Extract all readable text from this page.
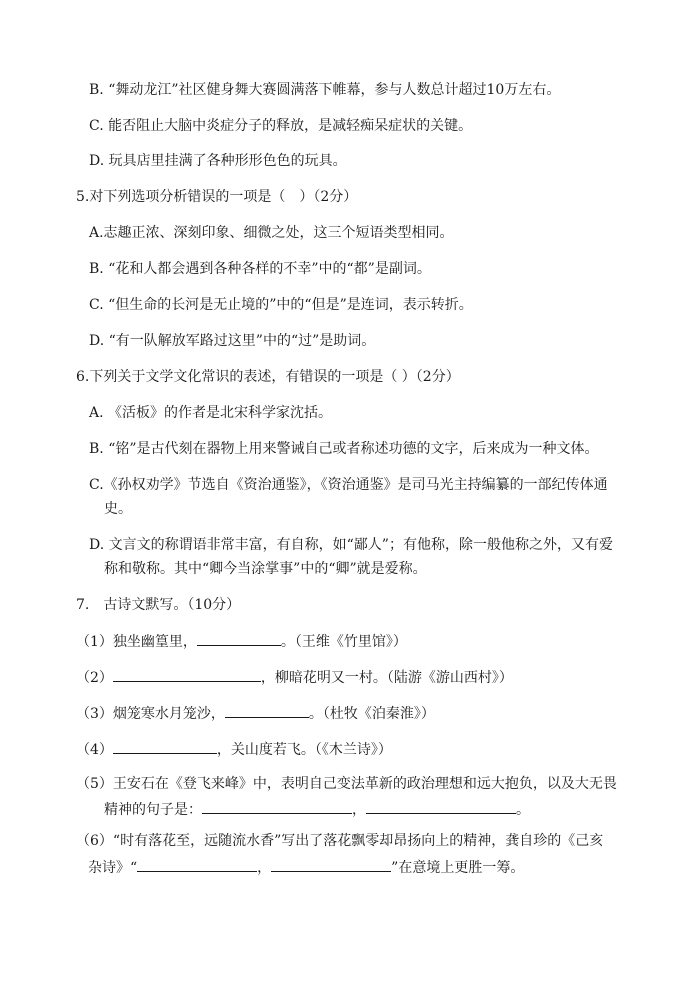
B. “舞动龙江”社区健身舞大赛圆满落下帷幕，参与人数总计超过10万左右。
C. 能否阻止大脑中炎症分子的释放，是减轻痴呆症状的关键。
D. 玩具店里挂满了各种形形色色的玩具。
5.对下列选项分析错误的一项是（　）（2分）
A.志趣正浓、深刻印象、细微之处，这三个短语类型相同。
B. “花和人都会遇到各种各样的不幸”中的“都”是副词。
C. “但生命的长河是无止境的”中的“但是”是连词，表示转折。
D. “有一队解放军路过这里”中的“过”是助词。
6.下列关于文学文化常识的表述，有错误的一项是（ ）（2分）
A. 《活板》的作者是北宋科学家沈括。
B. “铭”是古代刻在器物上用来警诫自己或者称述功德的文字，后来成为一种文体。
C.《孙权劝学》节选自《资治通鉴》，《资治通鉴》是司马光主持编纂的一部纪传体通
史。
D. 文言文的称谓语非常丰富，有自称，如“鄙人”；有他称，除一般他称之外，又有爱
称和敬称。其中“卿今当涂掌事”中的“卿”就是爱称。
7.　古诗文默写。（10分）
（1）独坐幽篁里，	。（王维《竹里馆》）
（2）	，柳暗花明又一村。（陆游《游山西村》）
（3）烟笼寒水月笼沙，	。（杜牧《泊秦淮》）
（4）	，关山度若飞。（《木兰诗》）
（5）王安石在《登飞来峰》中，表明自己变法革新的政治理想和远大抱负，以及大无畏
精神的句子是：	，	。
（6）“时有落花至，远随流水香”写出了落花飘零却昂扬向上的精神，龚自珍的《己亥
杂诗》“	，	”在意境上更胜一筹。
